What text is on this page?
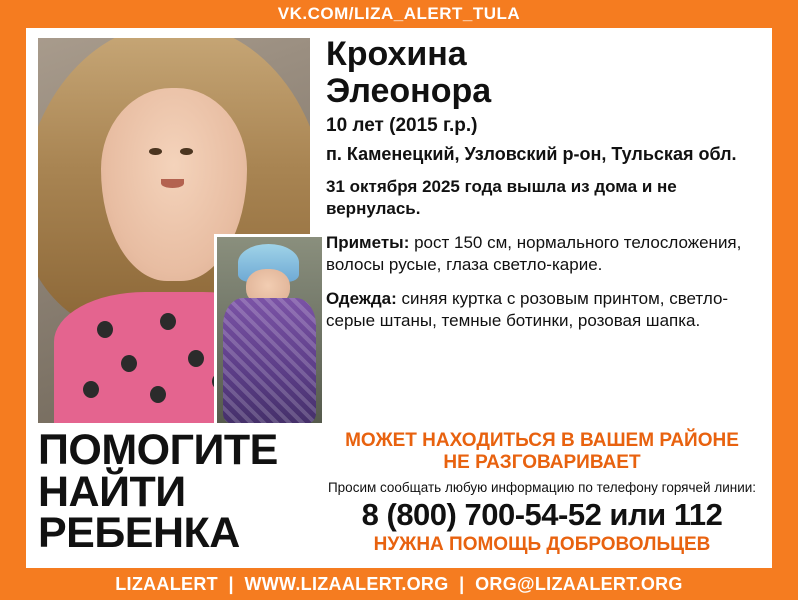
VK.COM/LIZA_ALERT_TULA
ПОМОГИТЕ
НАЙТИ
РЕБЕНКА
Крохина
Элеонора
10 лет (2015 г.р.)
п. Каменецкий, Узловский р-он, Тульская обл.
31 октября 2025 года вышла из дома и не вернулась.
Приметы: рост 150 см, нормального телосложения, волосы русые, глаза светло-карие.
Одежда: синяя куртка с розовым принтом, светло-серые штаны, темные ботинки, розовая шапка.
МОЖЕТ НАХОДИТЬСЯ В ВАШЕМ РАЙОНЕ
НЕ РАЗГОВАРИВАЕТ
Просим сообщать любую информацию по телефону горячей линии:
8 (800) 700-54-52 или 112
НУЖНА ПОМОЩЬ ДОБРОВОЛЬЦЕВ
LIZAALERT | WWW.LIZAALERT.ORG | ORG@LIZAALERT.ORG
